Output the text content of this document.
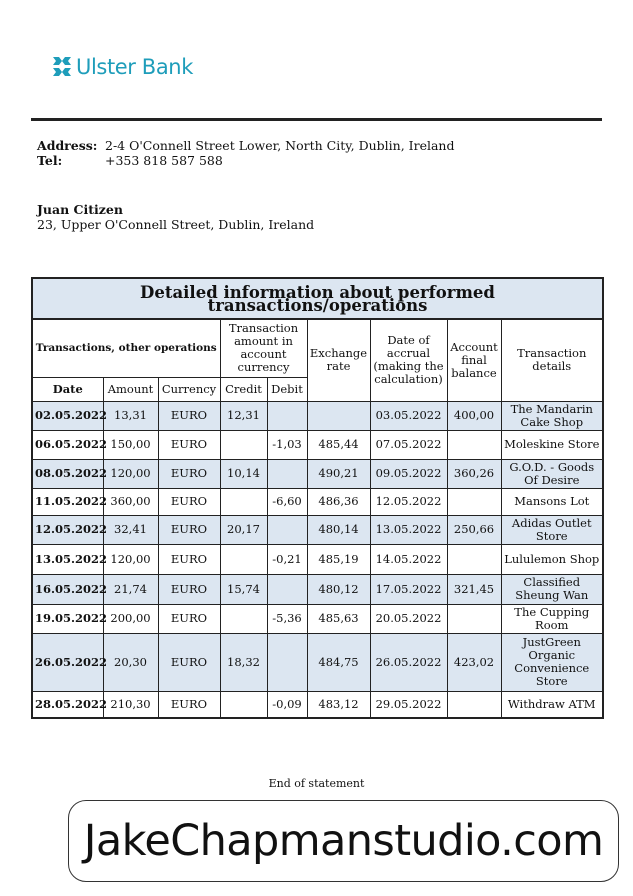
Ulster Bank
Address: 2-4 O'Connell Street Lower, North City, Dublin, Ireland
Tel:	+353 818 587 588
Juan Citizen
23, Upper O'Connell Street, Dublin, Ireland
Detailed information about performed transactions/operations								
Transactions, other operations			Transaction amount in account currency		Exchange rate	Date of accrual (making the calculation)	Account final balance	Transaction details
Date	Amount	Currency	Credit	Debit				
02.05.2022	13,31	EURO	12,31			03.05.2022	400,00	The Mandarin Cake Shop
06.05.2022	150,00	EURO		-1,03	485,44	07.05.2022		Moleskine Store
08.05.2022	120,00	EURO	10,14		490,21	09.05.2022	360,26	G.O.D. - Goods Of Desire
11.05.2022	360,00	EURO		-6,60	486,36	12.05.2022		Mansons Lot
12.05.2022	32,41	EURO	20,17		480,14	13.05.2022	250,66	Adidas Outlet Store
13.05.2022	120,00	EURO		-0,21	485,19	14.05.2022		Lululemon Shop
16.05.2022	21,74	EURO	15,74		480,12	17.05.2022	321,45	Classified Sheung Wan
19.05.2022	200,00	EURO		-5,36	485,63	20.05.2022		The Cupping Room
26.05.2022	20,30	EURO	18,32		484,75	26.05.2022	423,02	JustGreen Organic Convenience Store
28.05.2022	210,30	EURO		-0,09	483,12	29.05.2022		Withdraw ATM
End of statement
JakeChapmanstudio.com
